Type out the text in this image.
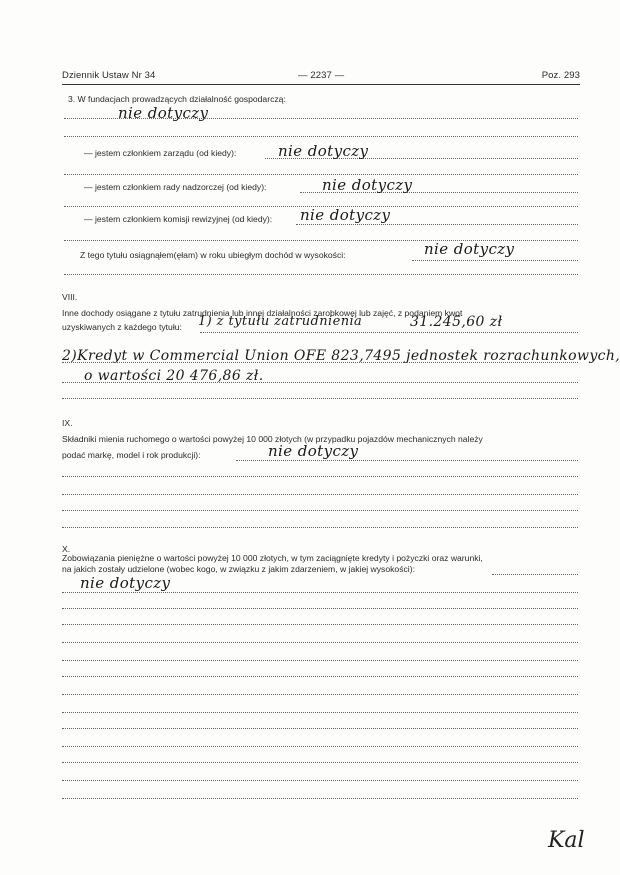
Dziennik Ustaw Nr 34	— 2237 —	Poz. 293
3. W fundacjach prowadzących działalność gospodarczą:
nie dotyczy
— jestem członkiem zarządu (od kiedy):	nie dotyczy
— jestem członkiem rady nadzorczej (od kiedy):	nie dotyczy
— jestem członkiem komisji rewizyjnej (od kiedy): nie dotyczy
Z tego tytułu osiągnąłem(ęłam) w roku ubiegłym dochód w wysokości:	nie dotyczy
VIII.
Inne dochody osiągane z tytułu zatrudnienia lub innej działalności zarobkowej lub zajęć, z podaniem kwot
uzyskiwanych z każdego tytułu: 1) z tytułu zatrudnienia	31.245,60 zł
2)Kredyt w Commercial Union OFE 823,7495 jednostek rozrachunkowych,
o wartości 20 476,86 zł.
IX.
Składniki mienia ruchomego o wartości powyżej 10 000 złotych (w przypadku pojazdów mechanicznych należy
podać markę, model i rok produkcji):	nie dotyczy
X.
Zobowiązania pieniężne o wartości powyżej 10 000 złotych, w tym zaciągnięte kredyty i pożyczki oraz warunki,
na jakich zostały udzielone (wobec kogo, w związku z jakim zdarzeniem, w jakiej wysokości):
nie dotyczy
Kal
